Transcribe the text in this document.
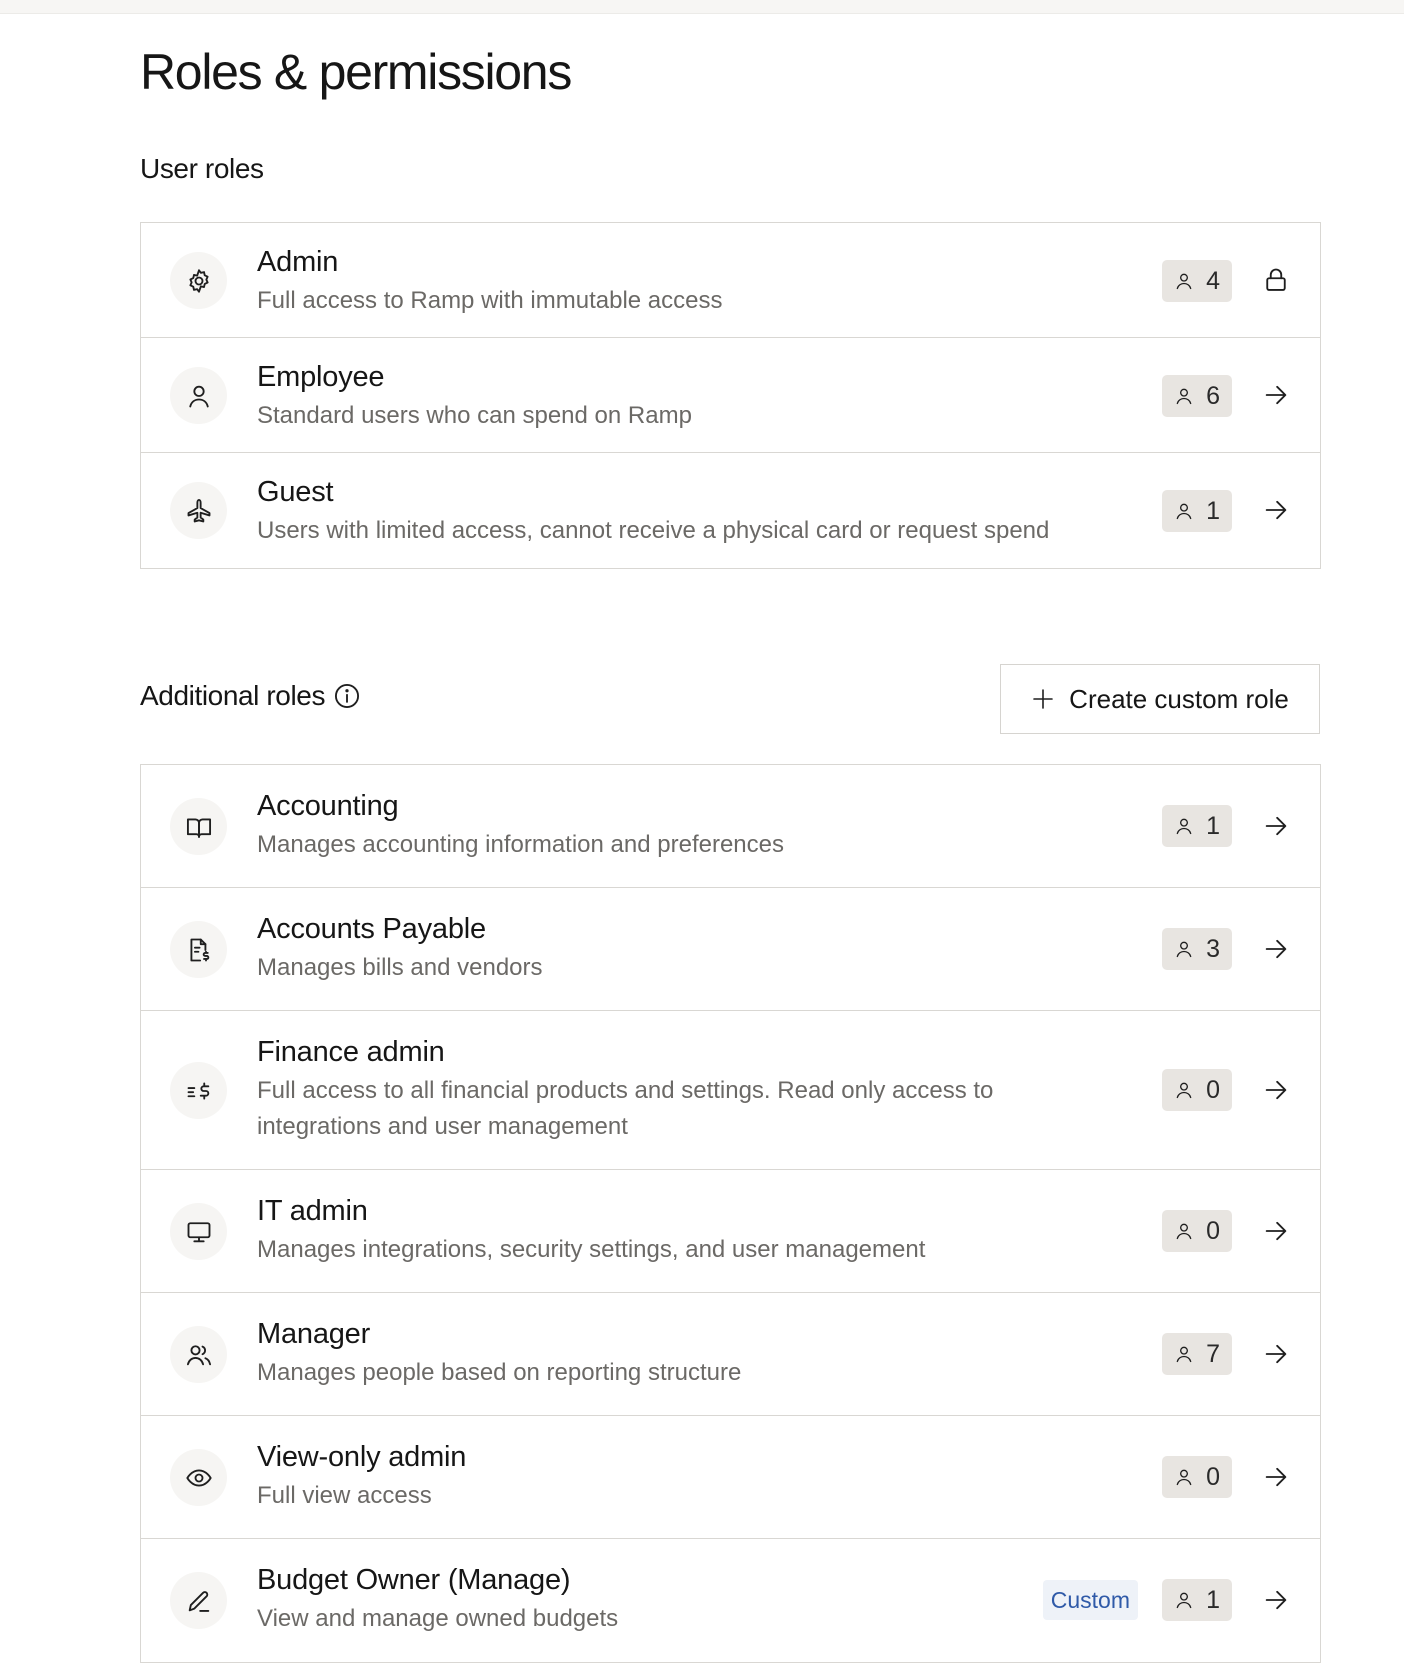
Roles & permissions
User roles
Admin
Full access to Ramp with immutable access
4
Employee
Standard users who can spend on Ramp
6
Guest
Users with limited access, cannot receive a physical card or request spend
1
Additional roles	Create custom role
Accounting
Manages accounting information and preferences
1
Accounts Payable
Manages bills and vendors
3
Finance admin
Full access to all financial products and settings. Read only access to integrations and user management
0
IT admin
Manages integrations, security settings, and user management
0
Manager
Manages people based on reporting structure
7
View-only admin
Full view access
0
Budget Owner (Manage)
View and manage owned budgets
Custom	1
